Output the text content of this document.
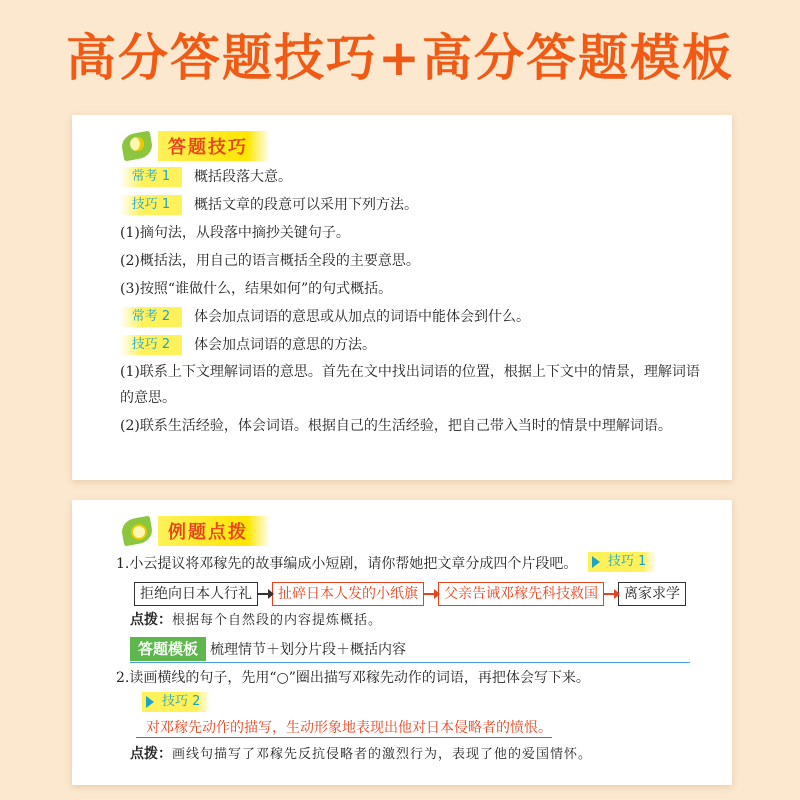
高分答题技巧+高分答题模板
答题技巧
常考 1 概括段落大意。
技巧 1 概括文章的段意可以采用下列方法。
(1)摘句法，从段落中摘抄关键句子。
(2)概括法，用自己的语言概括全段的主要意思。
(3)按照“谁做什么，结果如何”的句式概括。
常考 2 体会加点词语的意思或从加点的词语中能体会到什么。
技巧 2 体会加点词语的意思的方法。
(1)联系上下文理解词语的意思。首先在文中找出词语的位置，根据上下文中的情景，理解词语的意思。
(2)联系生活经验，体会词语。根据自己的生活经验，把自己带入当时的情景中理解词语。
例题点拨
1.小云提议将邓稼先的故事编成小短剧，请你帮她把文章分成四个片段吧。 技巧 1
拒绝向日本人行礼	扯碎日本人发的小纸旗	父亲告诫邓稼先科技救国	离家求学
点拨：根据每个自然段的内容提炼概括。
答题模板 梳理情节＋划分片段＋概括内容
2.读画横线的句子，先用“○”圈出描写邓稼先动作的词语，再把体会写下来。
技巧 2
对邓稼先动作的描写，生动形象地表现出他对日本侵略者的愤恨。
点拨：画线句描写了邓稼先反抗侵略者的激烈行为，表现了他的爱国情怀。
